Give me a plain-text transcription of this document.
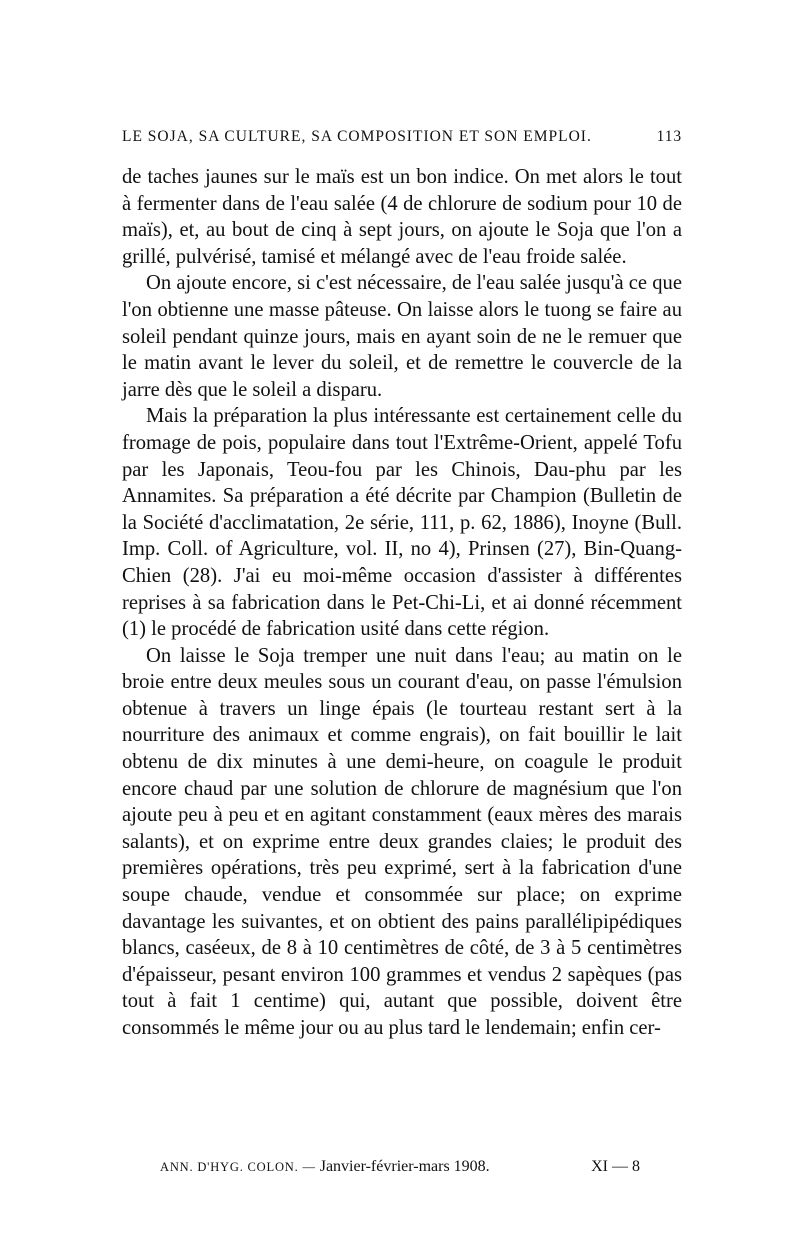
LE SOJA, SA CULTURE, SA COMPOSITION ET SON EMPLOI.	113

de taches jaunes sur le maïs est un bon indice. On met alors le tout à fermenter dans de l'eau salée (4 de chlorure de sodium pour 10 de maïs), et, au bout de cinq à sept jours, on ajoute le Soja que l'on a grillé, pulvérisé, tamisé et mélangé avec de l'eau froide salée.

On ajoute encore, si c'est nécessaire, de l'eau salée jusqu'à ce que l'on obtienne une masse pâteuse. On laisse alors le tuong se faire au soleil pendant quinze jours, mais en ayant soin de ne le remuer que le matin avant le lever du soleil, et de remettre le couvercle de la jarre dès que le soleil a disparu.

Mais la préparation la plus intéressante est certainement celle du fromage de pois, populaire dans tout l'Extrême-Orient, appelé Tofu par les Japonais, Teou-fou par les Chinois, Dau-phu par les Annamites. Sa préparation a été décrite par Champion (Bulletin de la Société d'acclimatation, 2e série, 111, p. 62, 1886), Inoyne (Bull. Imp. Coll. of Agriculture, vol. II, no 4), Prinsen (27), Bin-Quang-Chien (28). J'ai eu moi-même occasion d'assister à différentes reprises à sa fabrication dans le Pet-Chi-Li, et ai donné récemment (1) le procédé de fabrication usité dans cette région.

On laisse le Soja tremper une nuit dans l'eau; au matin on le broie entre deux meules sous un courant d'eau, on passe l'émulsion obtenue à travers un linge épais (le tourteau restant sert à la nourriture des animaux et comme engrais), on fait bouillir le lait obtenu de dix minutes à une demi-heure, on coagule le produit encore chaud par une solution de chlorure de magnésium que l'on ajoute peu à peu et en agitant constamment (eaux mères des marais salants), et on exprime entre deux grandes claies; le produit des premières opérations, très peu exprimé, sert à la fabrication d'une soupe chaude, vendue et consommée sur place; on exprime davantage les suivantes, et on obtient des pains parallélipipédiques blancs, caséeux, de 8 à 10 centimètres de côté, de 3 à 5 centimètres d'épaisseur, pesant environ 100 grammes et vendus 2 sapèques (pas tout à fait 1 centime) qui, autant que possible, doivent être consommés le même jour ou au plus tard le lendemain; enfin cer-

ANN. D'HYG. COLON. — Janvier-février-mars 1908.	XI — 8
